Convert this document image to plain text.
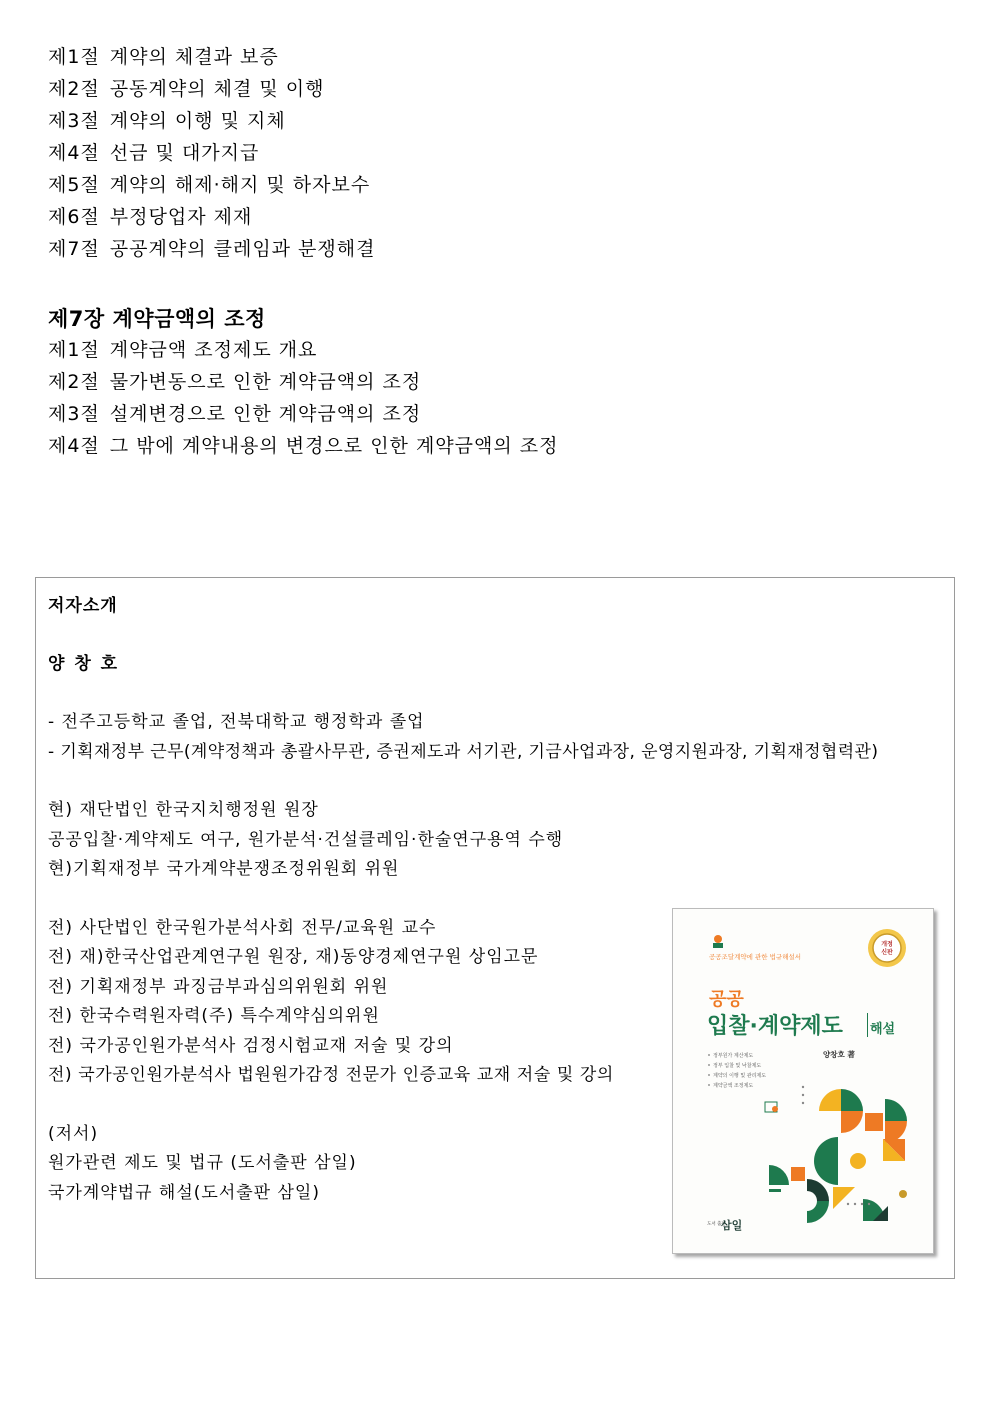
제1절 계약의 체결과 보증
제2절 공동계약의 체결 및 이행
제3절 계약의 이행 및 지체
제4절 선금 및 대가지급
제5절 계약의 해제·해지 및 하자보수
제6절 부정당업자 제재
제7절 공공계약의 클레임과 분쟁해결
제7장 계약금액의 조정
제1절 계약금액 조정제도 개요
제2절 물가변동으로 인한 계약금액의 조정
제3절 설계변경으로 인한 계약금액의 조정
제4절 그 밖에 계약내용의 변경으로 인한 계약금액의 조정
저자소개
양 창 호
- 전주고등학교 졸업, 전북대학교 행정학과 졸업
- 기획재정부 근무(계약정책과 총괄사무관, 증권제도과 서기관, 기금사업과장, 운영지원과장, 기획재정협력관)
현) 재단법인 한국지치행정원 원장
공공입찰·계약제도 여구, 원가분석·건설클레임·한술연구용역 수행
현)기획재정부 국가계약분쟁조정위원회 위원
전) 사단법인 한국원가분석사회 전무/교육원 교수
전) 재)한국산업관계연구원 원장, 재)동양경제연구원 상임고문
전) 기획재정부 과징금부과심의위원회 위원
전) 한국수력원자력(주) 특수계약심의위원
전) 국가공인원가분석사 검정시험교재 저술 및 강의
전) 국가공인원가분석사 법원원가감정 전문가 인증교육 교재 저술 및 강의
(저서)
원가관련 제도 및 법규 (도서출판 삼일)
국가계약법규 해설(도서출판 삼일)
공공조달계약에 관한 법규해설서
개정
신판
공공
입찰·계약제도 해설
양창호 著
정부원가 계산제도
정부 입찰 및 낙찰제도
계약의 이행 및 관리제도
계약금액 조정제도
도서 출판
삼일
